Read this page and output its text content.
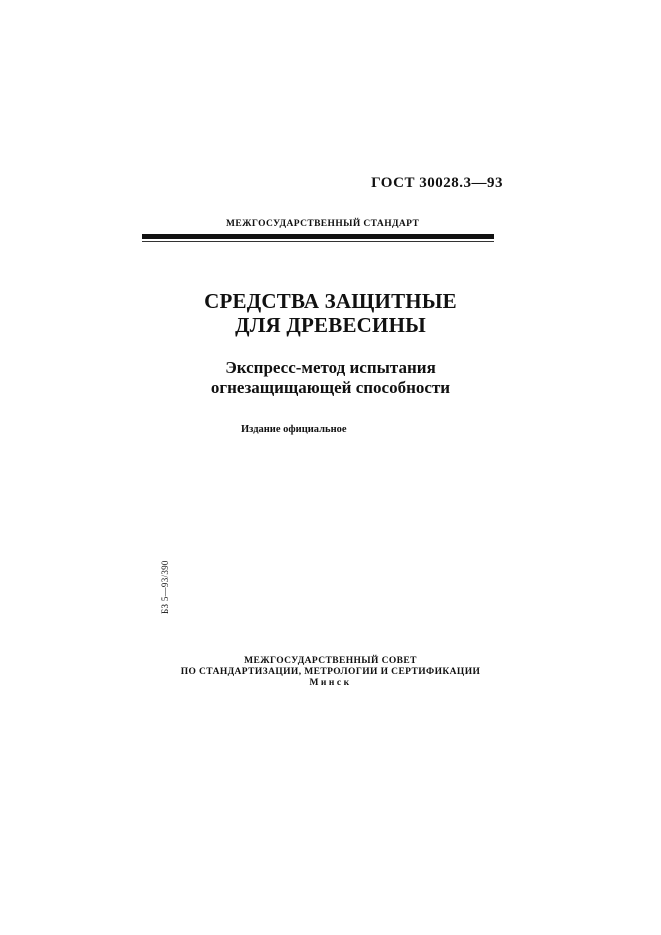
ГОСТ 30028.3—93
МЕЖГОСУДАРСТВЕННЫЙ СТАНДАРТ
СРЕДСТВА ЗАЩИТНЫЕ
ДЛЯ ДРЕВЕСИНЫ
Экспресс-метод испытания
огнезащищающей способности
Издание официальное
БЗ 5—93/390
МЕЖГОСУДАРСТВЕННЫЙ СОВЕТ
ПО СТАНДАРТИЗАЦИИ, МЕТРОЛОГИИ И СЕРТИФИКАЦИИ
Минск
